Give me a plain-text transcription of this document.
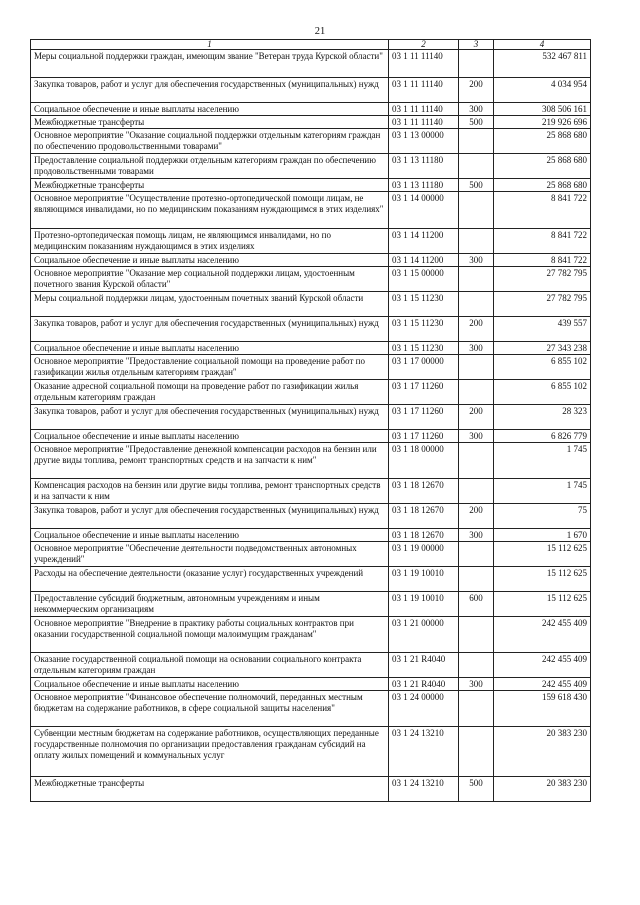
21
1	2	3	4
Меры социальной поддержки граждан, имеющим звание "Ветеран труда Курской области"	03 1 11 11140		532 467 811
Закупка товаров, работ и услуг для обеспечения государственных (муниципальных) нужд	03 1 11 11140	200	4 034 954
Социальное обеспечение и иные выплаты населению	03 1 11 11140	300	308 506 161
Межбюджетные трансферты	03 1 11 11140	500	219 926 696
Основное мероприятие "Оказание социальной поддержки отдельным категориям граждан по обеспечению продовольственными товарами"	03 1 13 00000		25 868 680
Предоставление социальной поддержки отдельным категориям граждан по обеспечению продовольственными товарами	03 1 13 11180		25 868 680
Межбюджетные трансферты	03 1 13 11180	500	25 868 680
Основное мероприятие "Осуществление протезно-ортопедической помощи лицам, не являющимся инвалидами, но по медицинским показаниям нуждающимся в этих изделиях"	03 1 14 00000		8 841 722
Протезно-ортопедическая помощь лицам, не являющимся инвалидами, но по медицинским показаниям нуждающимся в этих изделиях	03 1 14 11200		8 841 722
Социальное обеспечение и иные выплаты населению	03 1 14 11200	300	8 841 722
Основное мероприятие "Оказание мер социальной поддержки лицам, удостоенным почетного звания Курской области"	03 1 15 00000		27 782 795
Меры социальной поддержки лицам, удостоенным почетных званий Курской области	03 1 15 11230		27 782 795
Закупка товаров, работ и услуг для обеспечения государственных (муниципальных) нужд	03 1 15 11230	200	439 557
Социальное обеспечение и иные выплаты населению	03 1 15 11230	300	27 343 238
Основное мероприятие "Предоставление социальной помощи на проведение работ по газификации жилья отдельным категориям граждан"	03 1 17 00000		6 855 102
Оказание адресной социальной помощи на проведение работ по газификации жилья отдельным категориям граждан	03 1 17 11260		6 855 102
Закупка товаров, работ и услуг для обеспечения государственных (муниципальных) нужд	03 1 17 11260	200	28 323
Социальное обеспечение и иные выплаты населению	03 1 17 11260	300	6 826 779
Основное мероприятие "Предоставление денежной компенсации расходов на бензин или другие виды топлива, ремонт транспортных средств и на запчасти к ним"	03 1 18 00000		1 745
Компенсация расходов на бензин или другие виды топлива, ремонт транспортных средств и на запчасти к ним	03 1 18 12670		1 745
Закупка товаров, работ и услуг для обеспечения государственных (муниципальных) нужд	03 1 18 12670	200	75
Социальное обеспечение и иные выплаты населению	03 1 18 12670	300	1 670
Основное мероприятие "Обеспечение деятельности подведомственных автономных учреждений"	03 1 19 00000		15 112 625
Расходы на обеспечение деятельности (оказание услуг) государственных учреждений	03 1 19 10010		15 112 625
Предоставление субсидий бюджетным, автономным учреждениям и иным некоммерческим организациям	03 1 19 10010	600	15 112 625
Основное мероприятие "Внедрение в практику работы социальных контрактов при оказании государственной социальной помощи малоимущим гражданам"	03 1 21 00000		242 455 409
Оказание государственной социальной помощи на основании социального контракта отдельным категориям граждан	03 1 21 R4040		242 455 409
Социальное обеспечение и иные выплаты населению	03 1 21 R4040	300	242 455 409
Основное мероприятие "Финансовое обеспечение полномочий, переданных местным бюджетам на содержание работников, в сфере социальной защиты населения"	03 1 24 00000		159 618 430
Субвенции местным бюджетам на содержание работников, осуществляющих переданные государственные полномочия по организации предоставления гражданам субсидий на оплату жилых помещений и коммунальных услуг	03 1 24 13210		20 383 230
Межбюджетные трансферты	03 1 24 13210	500	20 383 230
